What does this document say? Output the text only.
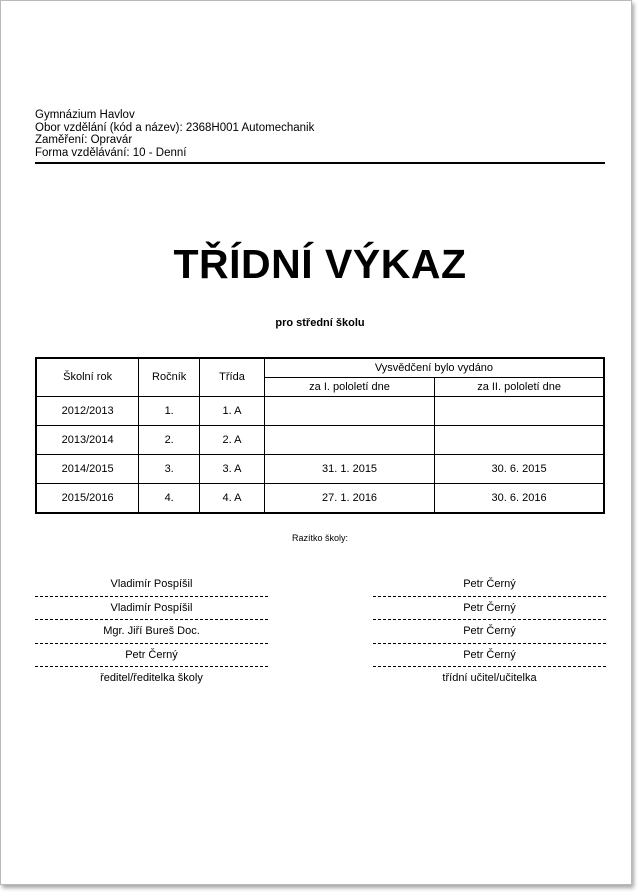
Gymnázium Havlov
Obor vzdělání (kód a název): 2368H001 Automechanik
Zaměření: Opravár
Forma vzdělávání: 10 - Denní
TŘÍDNÍ VÝKAZ
pro střední školu
Školní rok	Ročník	Třída	Vysvědčení bylo vydáno	
			za I. pololetí dne	za II. pololetí dne
2012/2013	1.	1. A		
2013/2014	2.	2. A		
2014/2015	3.	3. A	31. 1. 2015	30. 6. 2015
2015/2016	4.	4. A	27. 1. 2016	30. 6. 2016
Razítko školy:
Vladimír Pospíšil
Vladimír Pospíšil
Mgr. Jiří Bureš Doc.
Petr Černý
ředitel/ředitelka školy
Petr Černý
Petr Černý
Petr Černý
Petr Černý
třídní učitel/učitelka
